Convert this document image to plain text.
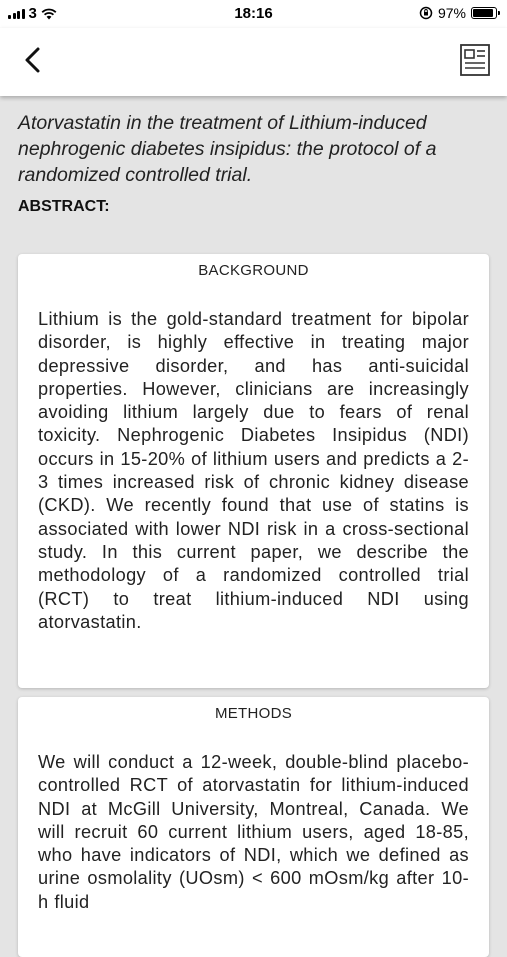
3	18:16	97%
Atorvastatin in the treatment of Lithium-induced nephrogenic diabetes insipidus: the protocol of a randomized controlled trial.
ABSTRACT:
BACKGROUND
Lithium is the gold-standard treatment for bipolar disorder, is highly effective in treating major depressive disorder, and has anti-suicidal properties. However, clinicians are increasingly avoiding lithium largely due to fears of renal toxicity. Nephrogenic Diabetes Insipidus (NDI) occurs in 15-20% of lithium users and predicts a 2-3 times increased risk of chronic kidney disease (CKD). We recently found that use of statins is associated with lower NDI risk in a cross-sectional study. In this current paper, we describe the methodology of a randomized controlled trial (RCT) to treat lithium-induced NDI using atorvastatin.
METHODS
We will conduct a 12-week, double-blind placebo-controlled RCT of atorvastatin for lithium-induced NDI at McGill University, Montreal, Canada. We will recruit 60 current lithium users, aged 18-85, who have indicators of NDI, which we defined as urine osmolality (UOsm) < 600 mOsm/kg after 10-h fluid
